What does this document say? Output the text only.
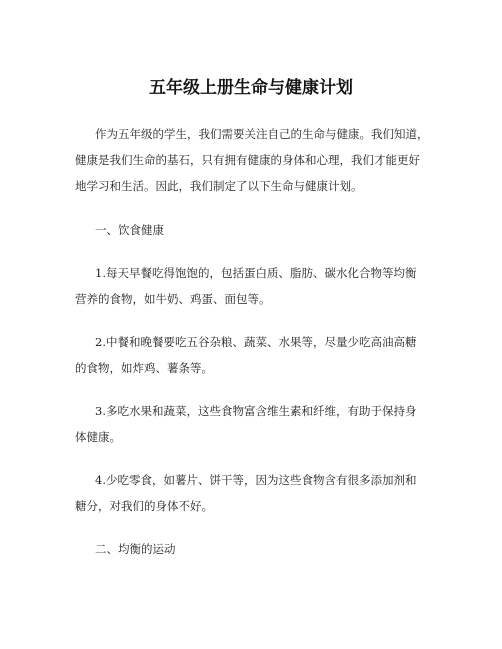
五年级上册生命与健康计划
作为五年级的学生，我们需要关注自己的生命与健康。我们知道，
健康是我们生命的基石，只有拥有健康的身体和心理，我们才能更好
地学习和生活。因此，我们制定了以下生命与健康计划。
一、饮食健康
1.每天早餐吃得饱饱的，包括蛋白质、脂肪、碳水化合物等均衡
营养的食物，如牛奶、鸡蛋、面包等。
2.中餐和晚餐要吃五谷杂粮、蔬菜、水果等，尽量少吃高油高糖
的食物，如炸鸡、薯条等。
3.多吃水果和蔬菜，这些食物富含维生素和纤维，有助于保持身
体健康。
4.少吃零食，如薯片、饼干等，因为这些食物含有很多添加剂和
糖分，对我们的身体不好。
二、均衡的运动
